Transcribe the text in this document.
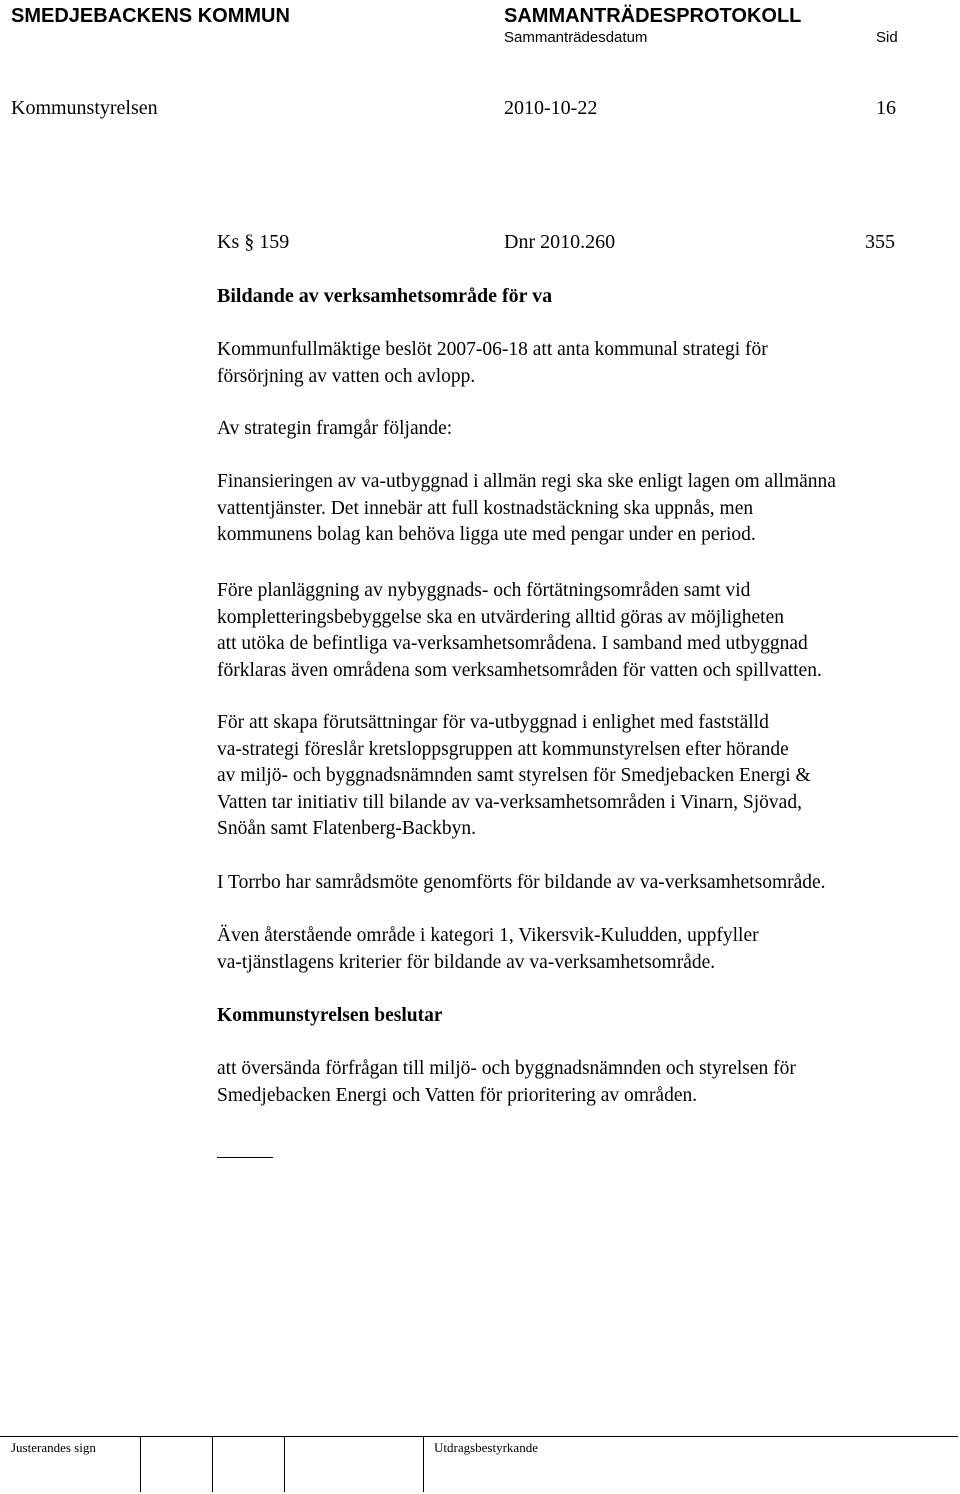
SMEDJEBACKENS KOMMUN	SAMMANTRÄDESPROTOKOLL
Sammanträdesdatum	Sid
Kommunstyrelsen	2010-10-22	16
Ks § 159	Dnr 2010.260	355
Bildande av verksamhetsområde för va

Kommunfullmäktige beslöt 2007-06-18 att anta kommunal strategi för

försörjning av vatten och avlopp.

Av strategin framgår följande:

Finansieringen av va-utbyggnad i allmän regi ska ske enligt lagen om allmänna

vattentjänster. Det innebär att full kostnadstäckning ska uppnås, men

kommunens bolag kan behöva ligga ute med pengar under en period.

Före planläggning av nybyggnads- och förtätningsområden samt vid

kompletteringsbebyggelse ska en utvärdering alltid göras av möjligheten

att utöka de befintliga va-verksamhetsområdena. I samband med utbyggnad

förklaras även områdena som verksamhetsområden för vatten och spillvatten.

För att skapa förutsättningar för va-utbyggnad i enlighet med fastställd

va-strategi föreslår kretsloppsgruppen att kommunstyrelsen efter hörande

av miljö- och byggnadsnämnden samt styrelsen för Smedjebacken Energi &

Vatten tar initiativ till bilande av va-verksamhetsområden i Vinarn, Sjövad,

Snöån samt Flatenberg-Backbyn.

I Torrbo har samrådsmöte genomförts för bildande av va-verksamhetsområde.

Även återstående område i kategori 1, Vikersvik-Kuludden, uppfyller

va-tjänstlagens kriterier för bildande av va-verksamhetsområde.

Kommunstyrelsen beslutar

att översända förfrågan till miljö- och byggnadsnämnden och styrelsen för

Smedjebacken Energi och Vatten för prioritering av områden.

Justerandes sign	Utdragsbestyrkande
